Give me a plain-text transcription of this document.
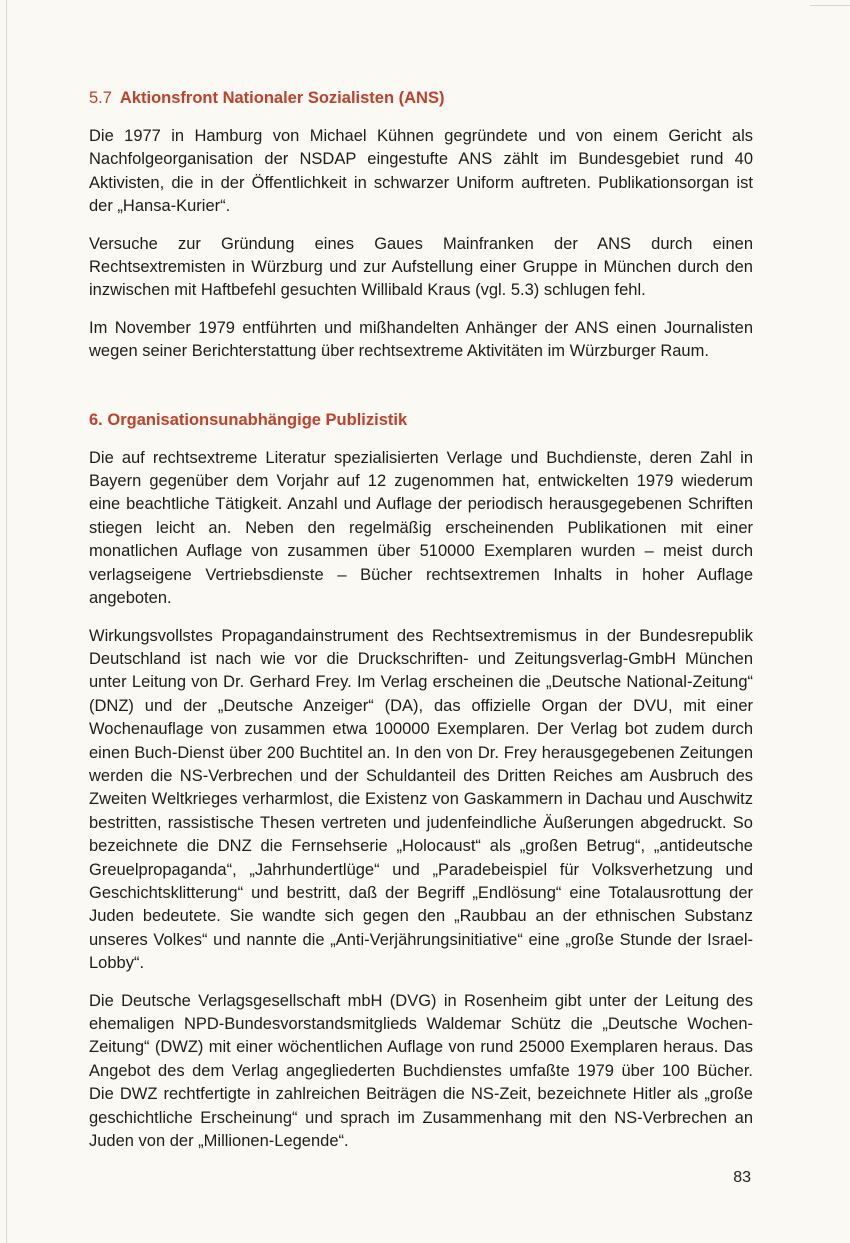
5.7 Aktionsfront Nationaler Sozialisten (ANS)

Die 1977 in Hamburg von Michael Kühnen gegründete und von einem Gericht als Nachfolgeorganisation der NSDAP eingestufte ANS zählt im Bundesgebiet rund 40 Aktivisten, die in der Öffentlichkeit in schwarzer Uniform auftreten. Publikationsorgan ist der „Hansa-Kurier“.

Versuche zur Gründung eines Gaues Mainfranken der ANS durch einen Rechtsextremisten in Würzburg und zur Aufstellung einer Gruppe in München durch den inzwischen mit Haftbefehl gesuchten Willibald Kraus (vgl. 5.3) schlugen fehl.

Im November 1979 entführten und mißhandelten Anhänger der ANS einen Journalisten wegen seiner Berichterstattung über rechtsextreme Aktivitäten im Würzburger Raum.

6. Organisationsunabhängige Publizistik

Die auf rechtsextreme Literatur spezialisierten Verlage und Buchdienste, deren Zahl in Bayern gegenüber dem Vorjahr auf 12 zugenommen hat, entwickelten 1979 wiederum eine beachtliche Tätigkeit. Anzahl und Auflage der periodisch herausgegebenen Schriften stiegen leicht an. Neben den regelmäßig erscheinenden Publikationen mit einer monatlichen Auflage von zusammen über 510000 Exemplaren wurden – meist durch verlagseigene Vertriebsdienste – Bücher rechtsextremen Inhalts in hoher Auflage angeboten.

Wirkungsvollstes Propagandainstrument des Rechtsextremismus in der Bundesrepublik Deutschland ist nach wie vor die Druckschriften- und Zeitungsverlag-GmbH München unter Leitung von Dr. Gerhard Frey. Im Verlag erscheinen die „Deutsche National-Zeitung“ (DNZ) und der „Deutsche Anzeiger“ (DA), das offizielle Organ der DVU, mit einer Wochenauflage von zusammen etwa 100000 Exemplaren. Der Verlag bot zudem durch einen Buch-Dienst über 200 Buchtitel an. In den von Dr. Frey herausgegebenen Zeitungen werden die NS-Verbrechen und der Schuldanteil des Dritten Reiches am Ausbruch des Zweiten Weltkrieges verharmlost, die Existenz von Gaskammern in Dachau und Auschwitz bestritten, rassistische Thesen vertreten und judenfeindliche Äußerungen abgedruckt. So bezeichnete die DNZ die Fernsehserie „Holocaust“ als „großen Betrug“, „antideutsche Greuelpropaganda“, „Jahrhundertlüge“ und „Paradebeispiel für Volksverhetzung und Geschichtsklitterung“ und bestritt, daß der Begriff „Endlösung“ eine Totalausrottung der Juden bedeutete. Sie wandte sich gegen den „Raubbau an der ethnischen Substanz unseres Volkes“ und nannte die „Anti-Verjährungsinitiative“ eine „große Stunde der Israel-Lobby“.

Die Deutsche Verlagsgesellschaft mbH (DVG) in Rosenheim gibt unter der Leitung des ehemaligen NPD-Bundesvorstandsmitglieds Waldemar Schütz die „Deutsche Wochen-Zeitung“ (DWZ) mit einer wöchentlichen Auflage von rund 25000 Exemplaren heraus. Das Angebot des dem Verlag angegliederten Buchdienstes umfaßte 1979 über 100 Bücher. Die DWZ rechtfertigte in zahlreichen Beiträgen die NS-Zeit, bezeichnete Hitler als „große geschichtliche Erscheinung“ und sprach im Zusammenhang mit den NS-Verbrechen an Juden von der „Millionen-Legende“.

83
